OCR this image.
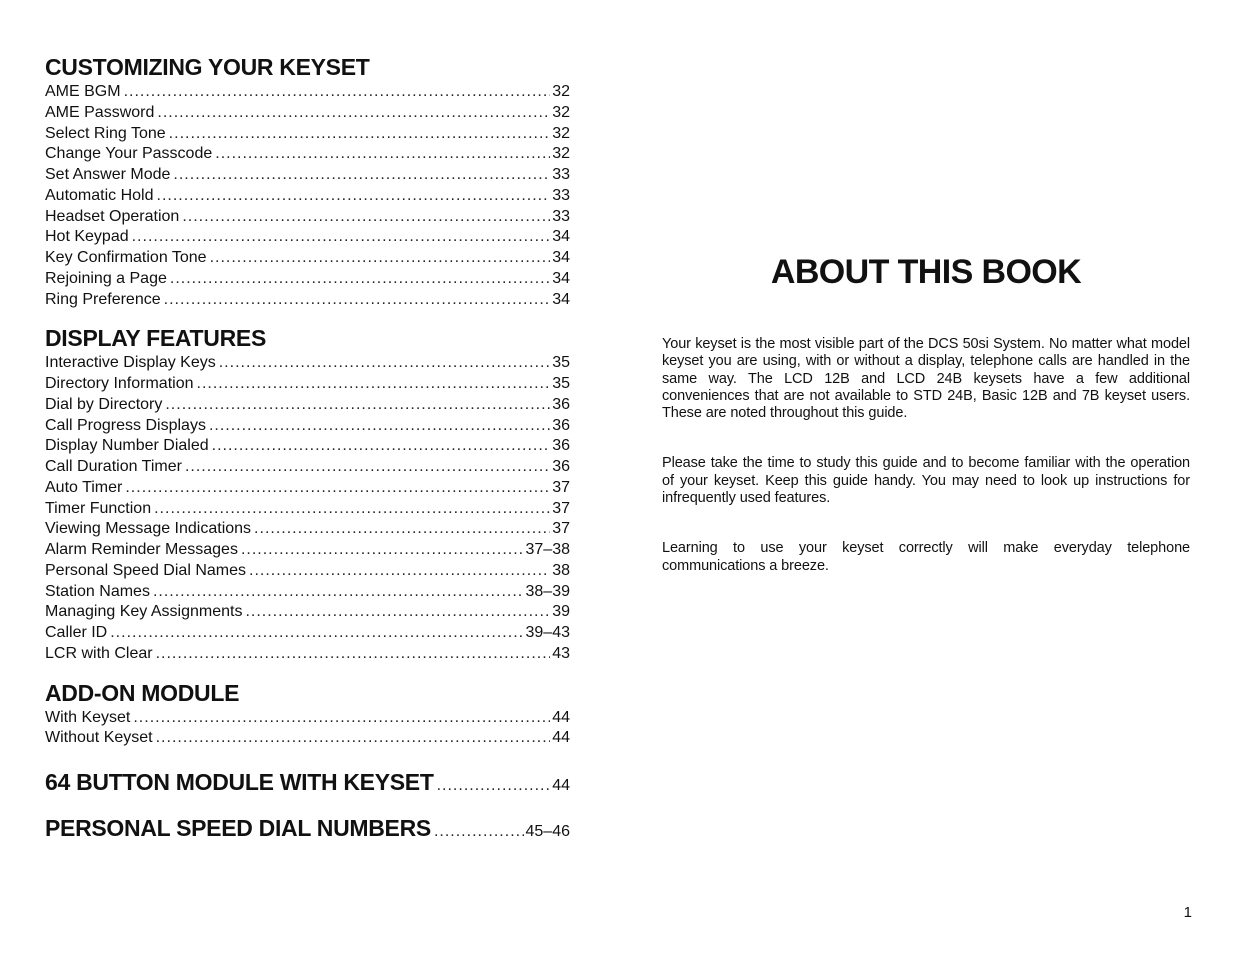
CUSTOMIZING YOUR KEYSET
AME BGM .....	32
AME Password .....	32
Select Ring Tone .....	32
Change Your Passcode .....	32
Set Answer Mode .....	33
Automatic Hold .....	33
Headset Operation .....	33
Hot Keypad .....	34
Key Confirmation Tone .....	34
Rejoining a Page .....	34
Ring Preference .....	34
DISPLAY FEATURES
Interactive Display Keys .....	35
Directory Information .....	35
Dial by Directory .....	36
Call Progress Displays .....	36
Display Number Dialed .....	36
Call Duration Timer .....	36
Auto Timer .....	37
Timer Function .....	37
Viewing Message Indications .....	37
Alarm Reminder Messages .....	37–38
Personal Speed Dial Names .....	38
Station Names .....	38–39
Managing Key Assignments .....	39
Caller ID .....	39–43
LCR with Clear .....	43
ADD-ON MODULE
With Keyset .....	44
Without Keyset .....	44
64 BUTTON MODULE WITH KEYSET .....	44
PERSONAL SPEED DIAL NUMBERS .....	45–46
ABOUT THIS BOOK

Your keyset is the most visible part of the DCS 50si System. No matter what model keyset you are using, with or without a display, telephone calls are handled in the same way. The LCD 12B and LCD 24B keysets have a few additional conveniences that are not available to STD 24B, Basic 12B and 7B keyset users. These are noted throughout this guide.

Please take the time to study this guide and to become familiar with the operation of your keyset. Keep this guide handy. You may need to look up instructions for infrequently used features.

Learning to use your keyset correctly will make everyday telephone communications a breeze.

1
